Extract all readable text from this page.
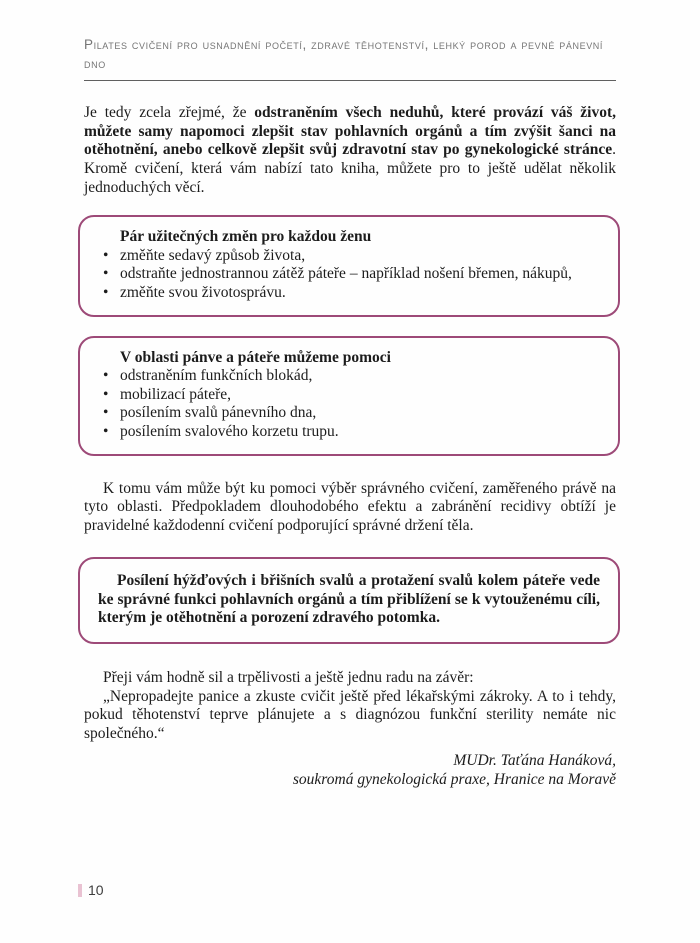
Pilates cvičení pro usnadnění početí, zdravé těhotenství, lehký porod a pevné pánevní dno

Je tedy zcela zřejmé, že odstraněním všech neduhů, které provází váš život, můžete samy napomoci zlepšit stav pohlavních orgánů a tím zvýšit šanci na otěhotnění, anebo celkově zlepšit svůj zdravotní stav po gynekologické stránce. Kromě cvičení, která vám nabízí tato kniha, můžete pro to ještě udělat několik jednoduchých věcí.

Pár užitečných změn pro každou ženu
• změňte sedavý způsob života,
• odstraňte jednostrannou zátěž páteře – například nošení břemen, nákupů,
• změňte svou životosprávu.
V oblasti pánve a páteře můžeme pomoci
• odstraněním funkčních blokád,
• mobilizací páteře,
• posílením svalů pánevního dna,
• posílením svalového korzetu trupu.

K tomu vám může být ku pomoci výběr správného cvičení, zaměřeného právě na tyto oblasti. Předpokladem dlouhodobého efektu a zabránění recidivy obtíží je pravidelné každodenní cvičení podporující správné držení těla.

Posílení hýžďových i břišních svalů a protažení svalů kolem páteře vede ke správné funkci pohlavních orgánů a tím přiblížení se k vytouženému cíli, kterým je otěhotnění a porození zdravého potomka.

Přeji vám hodně sil a trpělivosti a ještě jednu radu na závěr:

„Nepropadejte panice a zkuste cvičit ještě před lékařskými zákroky. A to i tehdy, pokud těhotenství teprve plánujete a s diagnózou funkční sterility nemáte nic společného.“

MUDr. Taťána Hanáková,
soukromá gynekologická praxe, Hranice na Moravě
10
